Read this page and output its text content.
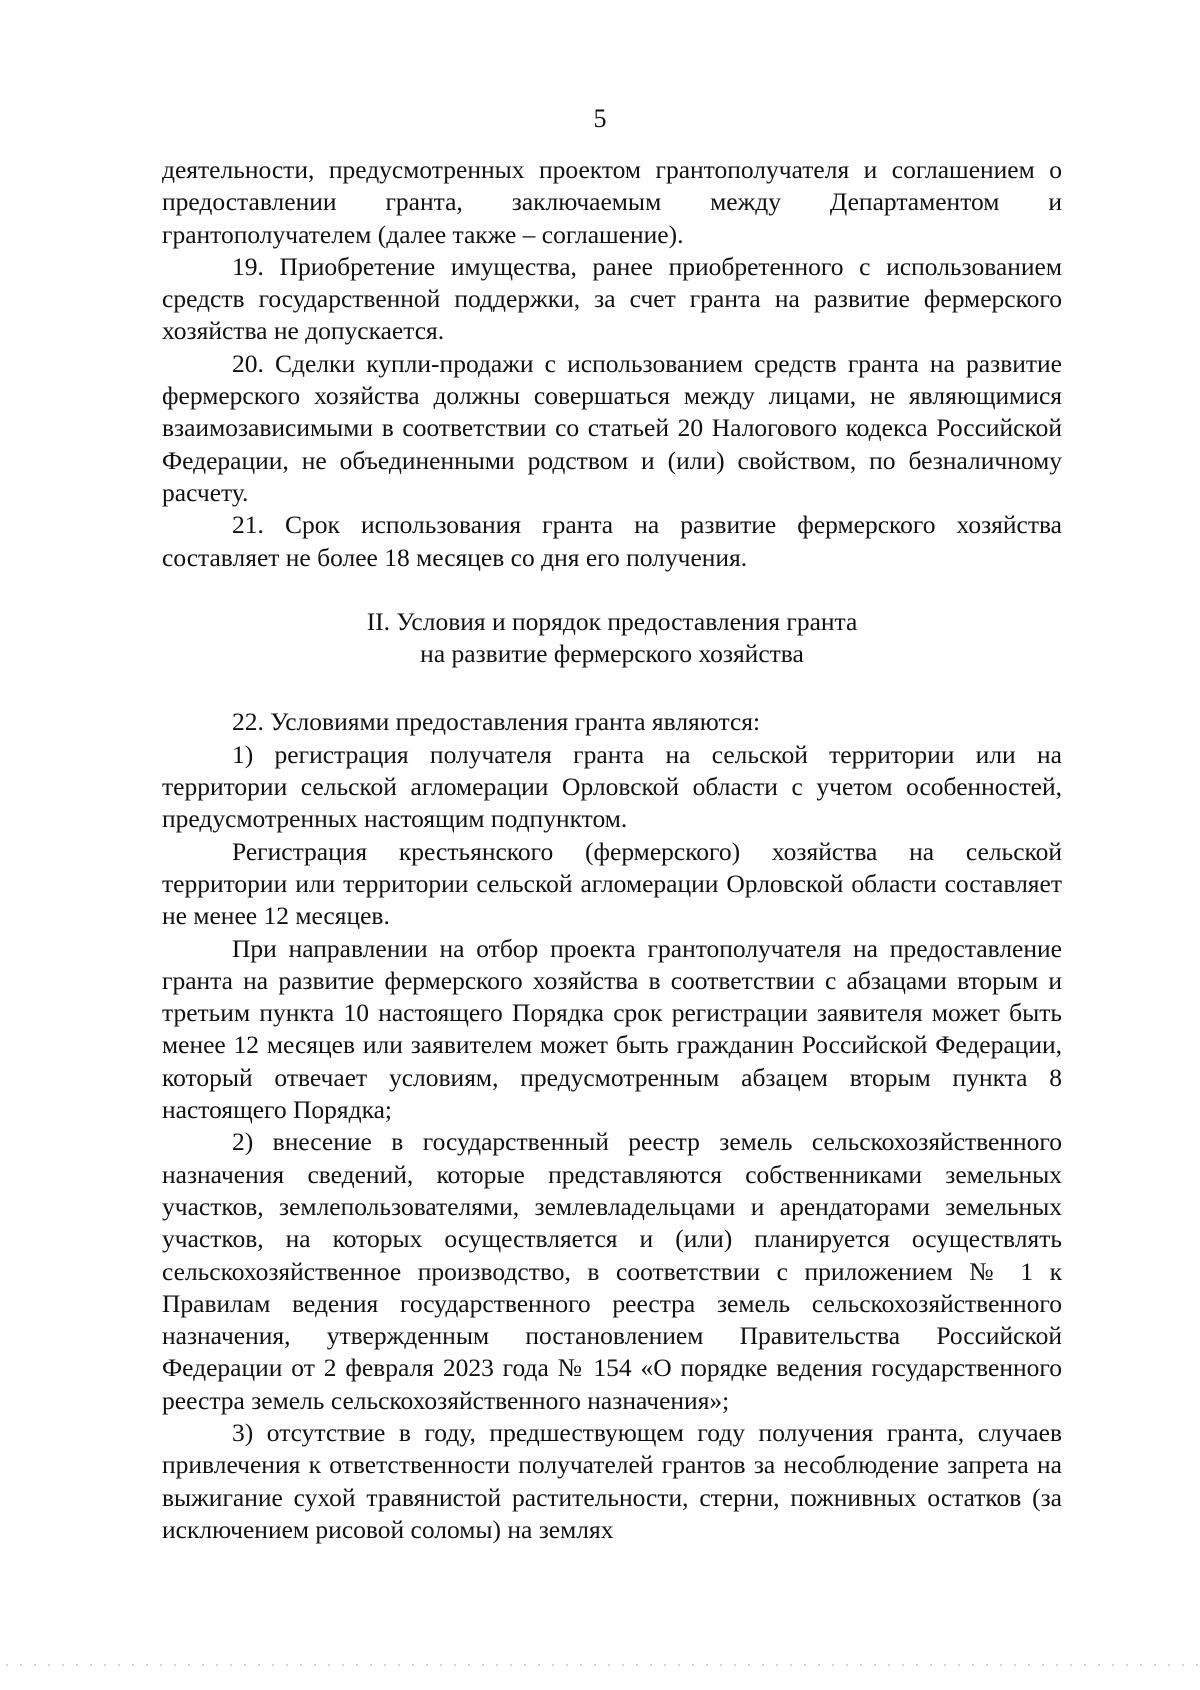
5

деятельности, предусмотренных проектом грантополучателя и соглашением о предоставлении гранта, заключаемым между Департаментом и грантополучателем (далее также – соглашение).

19. Приобретение имущества, ранее приобретенного с использованием средств государственной поддержки, за счет гранта на развитие фермерского хозяйства не допускается.

20. Сделки купли-продажи с использованием средств гранта на развитие фермерского хозяйства должны совершаться между лицами, не являющимися взаимозависимыми в соответствии со статьей 20 Налогового кодекса Российской Федерации, не объединенными родством и (или) свойством, по безналичному расчету.

21. Срок использования гранта на развитие фермерского хозяйства составляет не более 18 месяцев со дня его получения.

II. Условия и порядок предоставления гранта
на развитие фермерского хозяйства

22. Условиями предоставления гранта являются:

1) регистрация получателя гранта на сельской территории или на территории сельской агломерации Орловской области с учетом особенностей, предусмотренных настоящим подпунктом.

Регистрация крестьянского (фермерского) хозяйства на сельской территории или территории сельской агломерации Орловской области составляет не менее 12 месяцев.

При направлении на отбор проекта грантополучателя на предоставление гранта на развитие фермерского хозяйства в соответствии с абзацами вторым и третьим пункта 10 настоящего Порядка срок регистрации заявителя может быть менее 12 месяцев или заявителем может быть гражданин Российской Федерации, который отвечает условиям, предусмотренным абзацем вторым пункта 8 настоящего Порядка;

2) внесение в государственный реестр земель сельскохозяйственного назначения сведений, которые представляются собственниками земельных участков, землепользователями, землевладельцами и арендаторами земельных участков, на которых осуществляется и (или) планируется осуществлять сельскохозяйственное производство, в соответствии с приложением № 1 к Правилам ведения государственного реестра земель сельскохозяйственного назначения, утвержденным постановлением Правительства Российской Федерации от 2 февраля 2023 года № 154 «О порядке ведения государственного реестра земель сельскохозяйственного назначения»;

3) отсутствие в году, предшествующем году получения гранта, случаев привлечения к ответственности получателей грантов за несоблюдение запрета на выжигание сухой травянистой растительности, стерни, пожнивных остатков (за исключением рисовой соломы) на землях
